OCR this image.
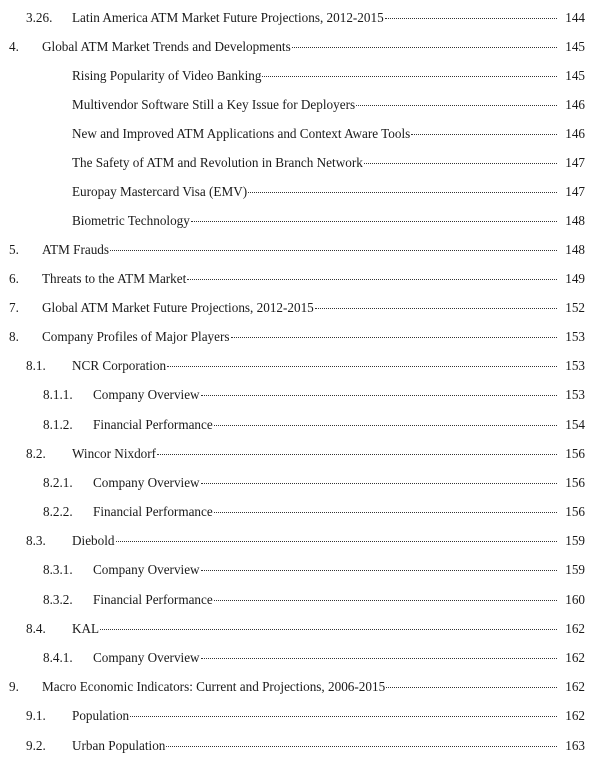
3.26. Latin America ATM Market Future Projections, 2012-2015	144
4. Global ATM Market Trends and Developments	145
Rising Popularity of Video Banking	145
Multivendor Software Still a Key Issue for Deployers	146
New and Improved ATM Applications and Context Aware Tools	146
The Safety of ATM and Revolution in Branch Network	147
Europay Mastercard Visa (EMV)	147
Biometric Technology	148
5. ATM Frauds	148
6. Threats to the ATM Market	149
7. Global ATM Market Future Projections, 2012-2015	152
8. Company Profiles of Major Players	153
8.1. NCR Corporation	153
8.1.1. Company Overview	153
8.1.2. Financial Performance	154
8.2. Wincor Nixdorf	156
8.2.1. Company Overview	156
8.2.2. Financial Performance	156
8.3. Diebold	159
8.3.1. Company Overview	159
8.3.2. Financial Performance	160
8.4. KAL	162
8.4.1. Company Overview	162
9. Macro Economic Indicators: Current and Projections, 2006-2015	162
9.1. Population	162
9.2. Urban Population	163
